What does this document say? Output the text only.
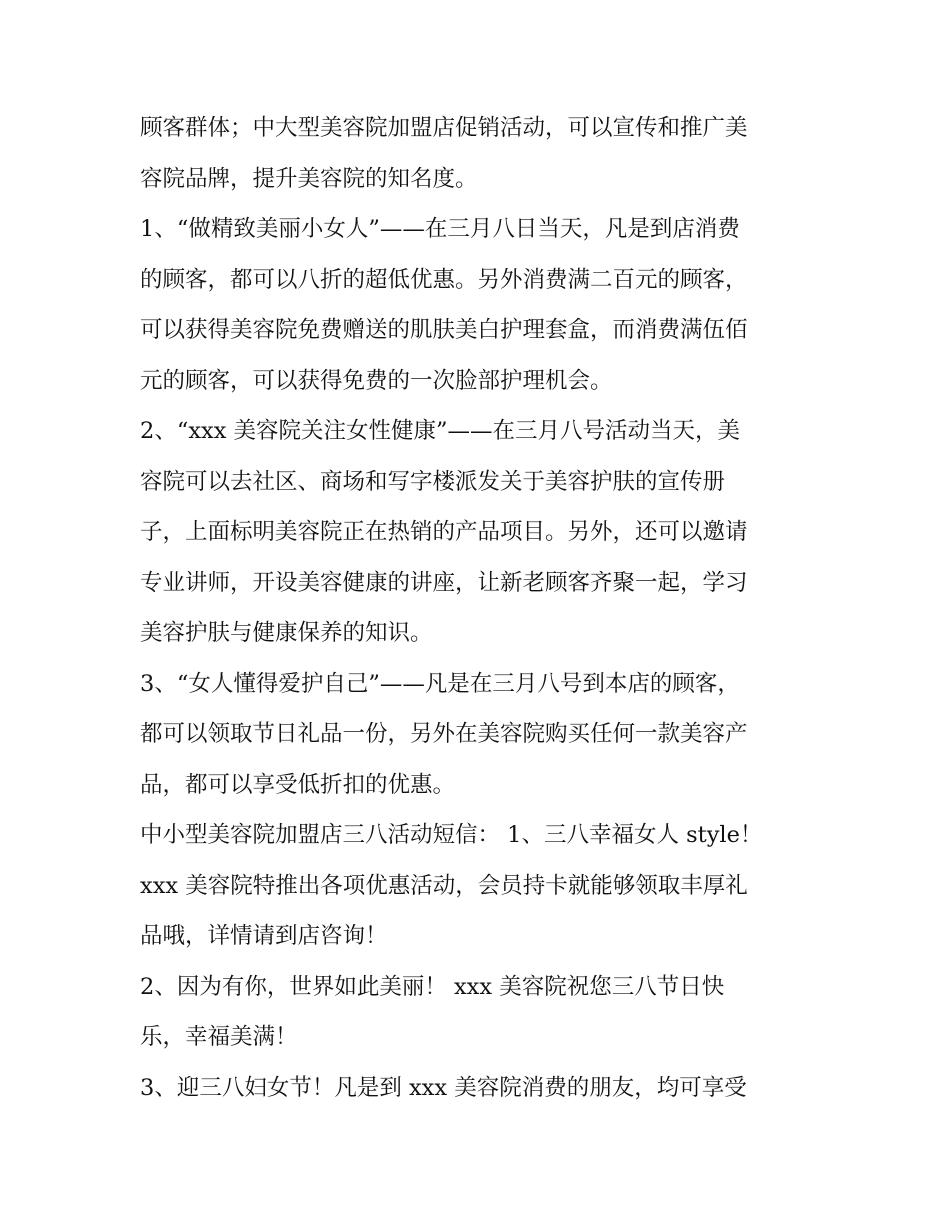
顾客群体；中大型美容院加盟店促销活动，可以宣传和推广美
容院品牌，提升美容院的知名度。
1、“做精致美丽小女人”——在三月八日当天，凡是到店消费
的顾客，都可以八折的超低优惠。另外消费满二百元的顾客，
可以获得美容院免费赠送的肌肤美白护理套盒，而消费满伍佰
元的顾客，可以获得免费的一次脸部护理机会。
2、“xxx 美容院关注女性健康”——在三月八号活动当天，美
容院可以去社区、商场和写字楼派发关于美容护肤的宣传册
子，上面标明美容院正在热销的产品项目。另外，还可以邀请
专业讲师，开设美容健康的讲座，让新老顾客齐聚一起，学习
美容护肤与健康保养的知识。
3、“女人懂得爱护自己”——凡是在三月八号到本店的顾客，
都可以领取节日礼品一份，另外在美容院购买任何一款美容产
品，都可以享受低折扣的优惠。
中小型美容院加盟店三八活动短信： 1、三八幸福女人 style！
xxx 美容院特推出各项优惠活动，会员持卡就能够领取丰厚礼
品哦，详情请到店咨询！
2、因为有你，世界如此美丽！ xxx 美容院祝您三八节日快
乐，幸福美满！
3、迎三八妇女节！凡是到 xxx 美容院消费的朋友，均可享受
